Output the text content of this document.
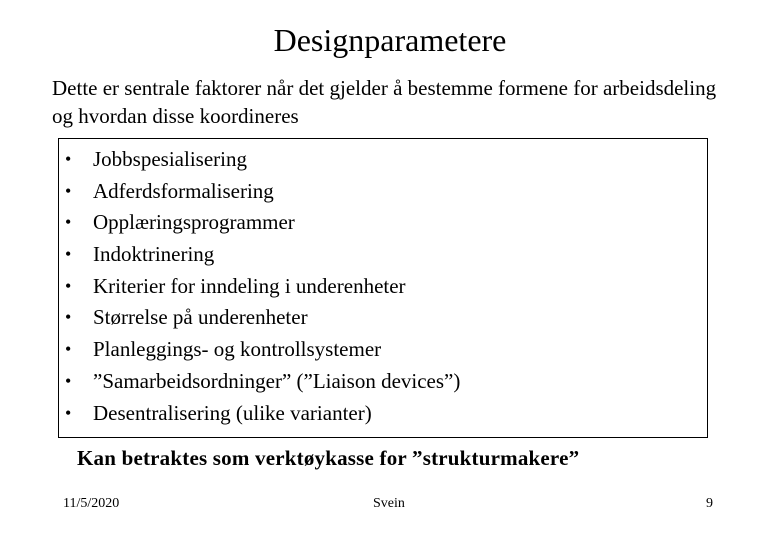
Designparametere
Dette er sentrale faktorer når det gjelder å bestemme formene for arbeidsdeling og hvordan disse koordineres
• Jobbspesialisering
• Adferdsformalisering
• Opplæringsprogrammer
• Indoktrinering
• Kriterier for inndeling i underenheter
• Størrelse på underenheter
• Planleggings- og kontrollsystemer
• ”Samarbeidsordninger” (”Liaison devices”)
• Desentralisering (ulike varianter)
Kan betraktes som verktøykasse for ”strukturmakere”
11/5/2020	Svein	9
